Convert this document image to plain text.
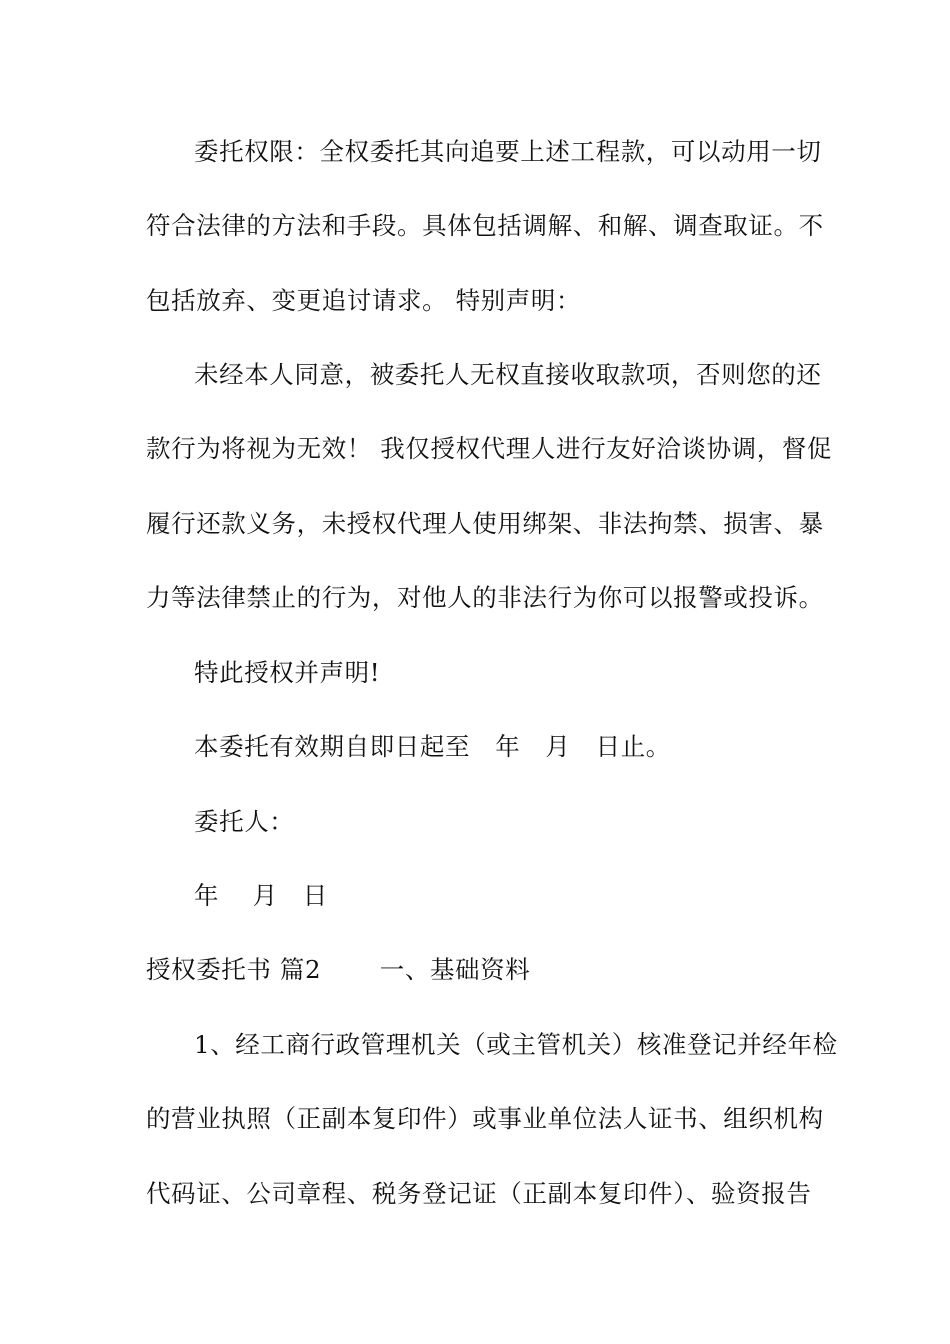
委托权限：全权委托其向追要上述工程款，可以动用一切
符合法律的方法和手段。具体包括调解、和解、调查取证。不
包括放弃、变更追讨请求。 特别声明：
未经本人同意，被委托人无权直接收取款项，否则您的还
款行为将视为无效！ 我仅授权代理人进行友好洽谈协调，督促
履行还款义务，未授权代理人使用绑架、非法拘禁、损害、暴
力等法律禁止的行为，对他人的非法行为你可以报警或投诉。
特此授权并声明!
本委托有效期自即日起至　年　月　日止。
委托人：
年　 月　日
授权委托书 篇2　　 一、基础资料
1、经工商行政管理机关（或主管机关）核准登记并经年检
的营业执照（正副本复印件）或事业单位法人证书、组织机构
代码证、公司章程、税务登记证（正副本复印件）、验资报告
